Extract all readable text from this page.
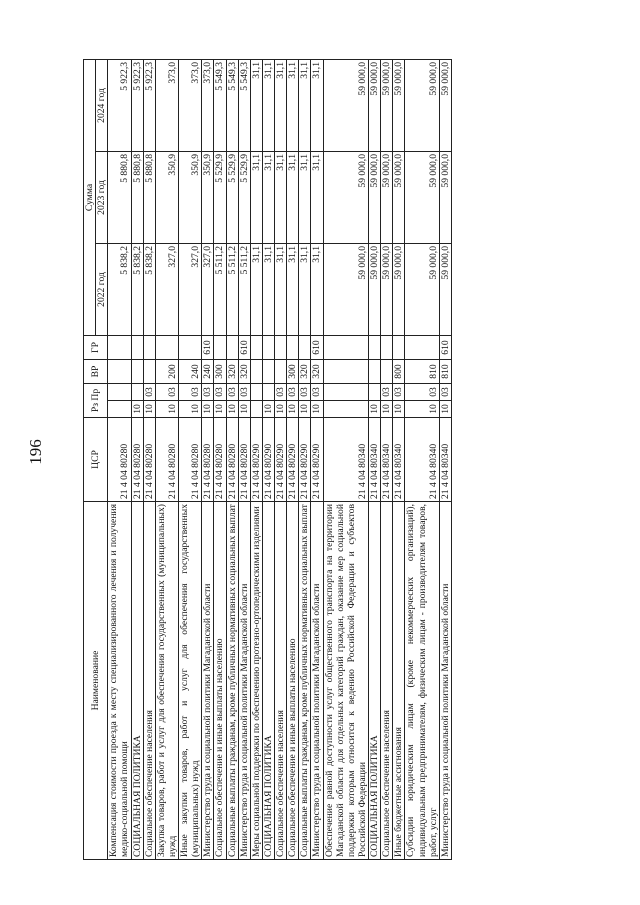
196
Наименование	ЦСР	Рз Пр		ВР	ГР	Сумма		
						2022 год	2023 год	2024 год
Компенсация стоимости проезда к месту специализированного лечения и получения медико-социальной помощи	21 4 04 80280					5 838,2	5 880,8	5 922,3
СОЦИАЛЬНАЯ ПОЛИТИКА	21 4 04 80280	10				5 838,2	5 880,8	5 922,3
Социальное обеспечение населения	21 4 04 80280	10	03			5 838,2	5 880,8	5 922,3
Закупка товаров, работ и услуг для обеспечения государственных (муниципальных) нужд	21 4 04 80280	10	03	200		327,0	350,9	373,0
Иные закупки товаров, работ и услуг для обеспечения государственных (муниципальных) нужд	21 4 04 80280	10	03	240		327,0	350,9	373,0
Министерство труда и социальной политики Магаданской области	21 4 04 80280	10	03	240	610	327,0	350,9	373,0
Социальное обеспечение и иные выплаты населению	21 4 04 80280	10	03	300		5 511,2	5 529,9	5 549,3
Социальные выплаты гражданам, кроме публичных нормативных социальных выплат	21 4 04 80280	10	03	320		5 511,2	5 529,9	5 549,3
Министерство труда и социальной политики Магаданской области	21 4 04 80280	10	03	320	610	5 511,2	5 529,9	5 549,3
Меры социальной поддержки по обеспечению протезно-ортопедическими изделиями	21 4 04 80290					31,1	31,1	31,1
СОЦИАЛЬНАЯ ПОЛИТИКА	21 4 04 80290	10				31,1	31,1	31,1
Социальное обеспечение населения	21 4 04 80290	10	03			31,1	31,1	31,1
Социальное обеспечение и иные выплаты населению	21 4 04 80290	10	03	300		31,1	31,1	31,1
Социальные выплаты гражданам, кроме публичных нормативных социальных выплат	21 4 04 80290	10	03	320		31,1	31,1	31,1
Министерство труда и социальной политики Магаданской области	21 4 04 80290	10	03	320	610	31,1	31,1	31,1
Обеспечение равной доступности услуг общественного транспорта на территории Магаданской области для отдельных категорий граждан, оказание мер социальной поддержки которым относится к ведению Российской Федерации и субъектов Российской Федерации	21 4 04 80340					59 000,0	59 000,0	59 000,0
СОЦИАЛЬНАЯ ПОЛИТИКА	21 4 04 80340	10				59 000,0	59 000,0	59 000,0
Социальное обеспечение населения	21 4 04 80340	10	03			59 000,0	59 000,0	59 000,0
Иные бюджетные ассигнования	21 4 04 80340	10	03	800		59 000,0	59 000,0	59 000,0
Субсидии юридическим лицам (кроме некоммерческих организаций), индивидуальным предпринимателям, физическим лицам - производителям товаров, работ, услуг	21 4 04 80340	10	03	810		59 000,0	59 000,0	59 000,0
Министерство труда и социальной политики Магаданской области	21 4 04 80340	10	03	810	610	59 000,0	59 000,0	59 000,0
